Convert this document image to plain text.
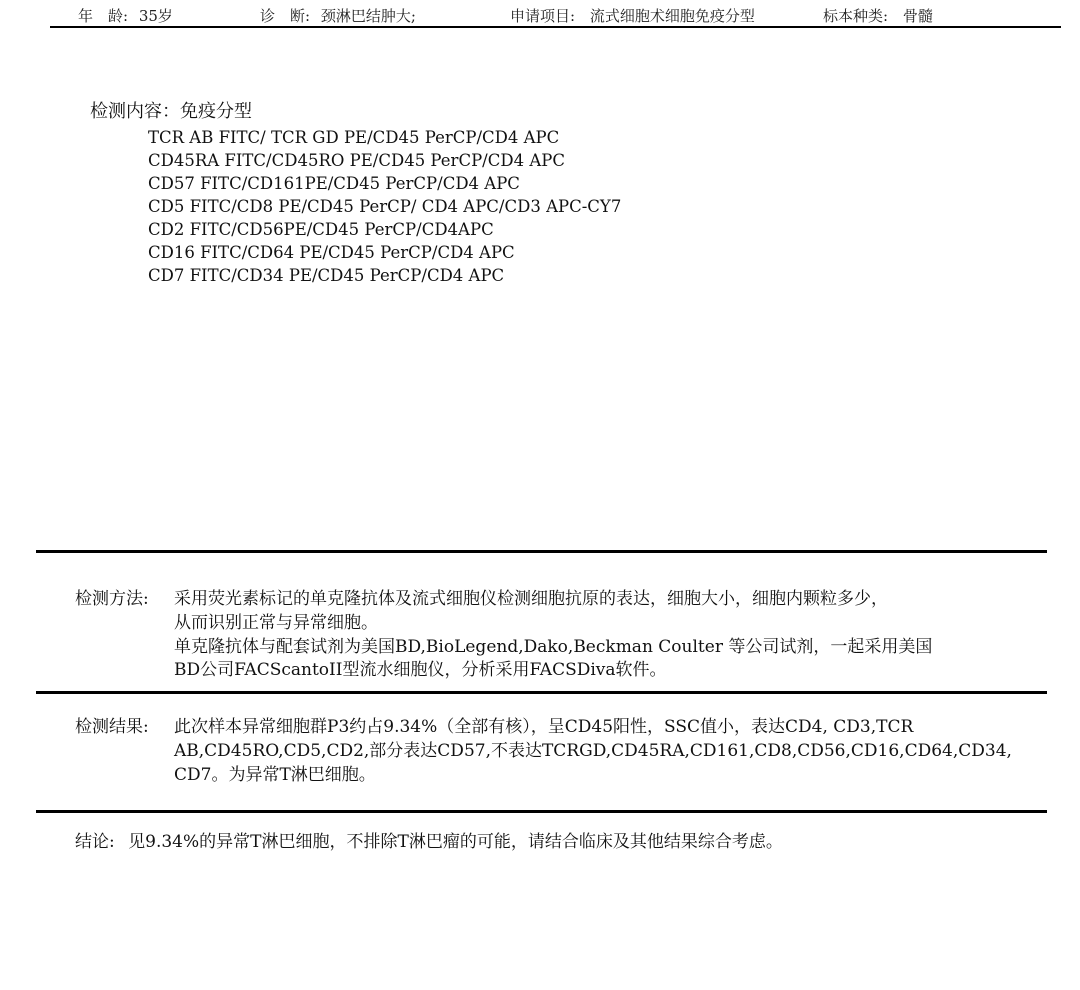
年　龄: 35岁	诊　断: 颈淋巴结肿大;	申请项目: 流式细胞术细胞免疫分型	标本种类: 骨髓
检测内容：免疫分型
TCR AB FITC/ TCR GD PE/CD45 PerCP/CD4 APC
CD45RA FITC/CD45RO PE/CD45 PerCP/CD4 APC
CD57 FITC/CD161PE/CD45 PerCP/CD4 APC
CD5 FITC/CD8 PE/CD45 PerCP/ CD4 APC/CD3 APC-CY7
CD2 FITC/CD56PE/CD45 PerCP/CD4APC
CD16 FITC/CD64 PE/CD45 PerCP/CD4 APC
CD7 FITC/CD34 PE/CD45 PerCP/CD4 APC
检测方法: 采用荧光素标记的单克隆抗体及流式细胞仪检测细胞抗原的表达，细胞大小，细胞内颗粒多少，
从而识别正常与异常细胞。
单克隆抗体与配套试剂为美国BD,BioLegend,Dako,Beckman Coulter 等公司试剂，一起采用美国
BD公司FACScantoII型流水细胞仪，分析采用FACSDiva软件。
检测结果: 此次样本异常细胞群P3约占9.34%（全部有核），呈CD45阳性，SSC值小，表达CD4, CD3,TCR
AB,CD45RO,CD5,CD2,部分表达CD57,不表达TCRGD,CD45RA,CD161,CD8,CD56,CD16,CD64,CD34,
CD7。为异常T淋巴细胞。
结论: 见9.34%的异常T淋巴细胞，不排除T淋巴瘤的可能，请结合临床及其他结果综合考虑。
